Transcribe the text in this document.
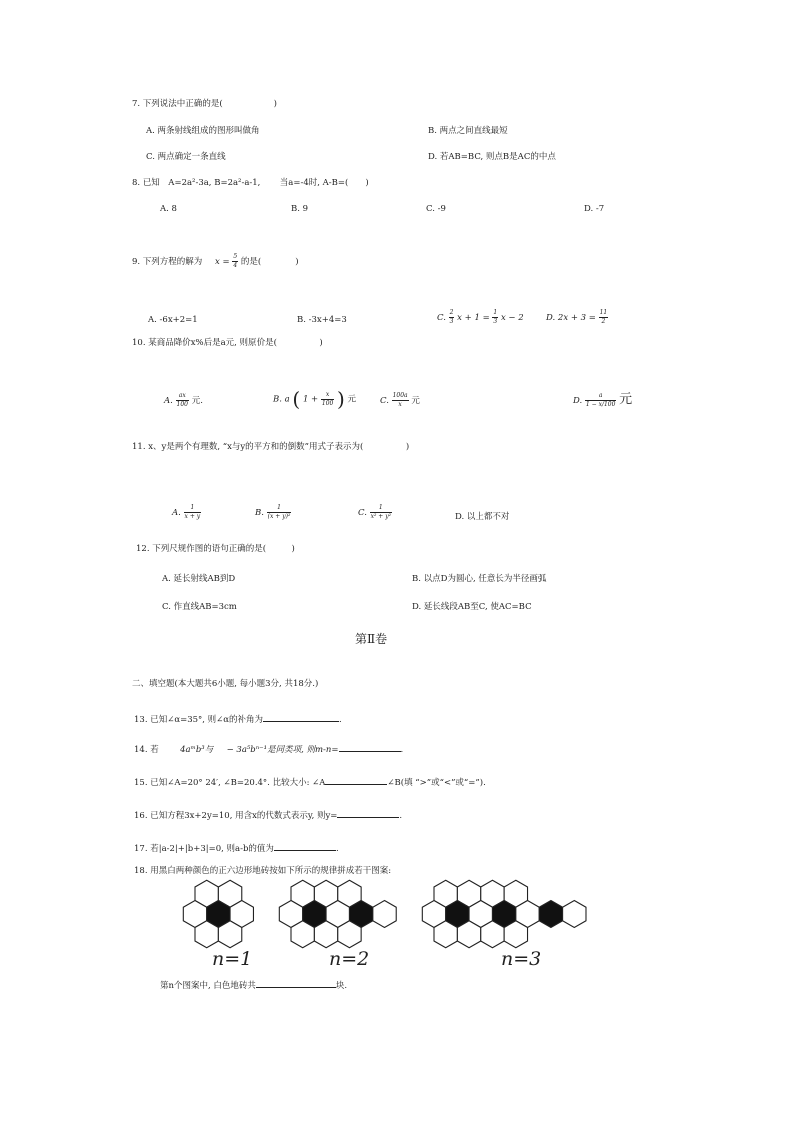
7. 下列说法中正确的是(　　　　　　)
A. 两条射线组成的图形叫做角	B. 两点之间直线最短
C. 两点确定一条直线	D. 若AB=BC, 则点B是AC的中点
8. 已知　A=2a²-3a, B=2a²-a-1, 当a=-4时, A-B=(　　)
A. 8	B. 9	C. -9	D. -7
9. 下列方程的解为 $x = \frac{5}{4}$ 的是(　　　　)
A. -6x+2=1	B. -3x+4=3	C. $\frac{2}{3}$ $x + 1 = \frac{1}{3}$ x − 2	D. $2x + 3 = \frac{11}{2}$
10. 某商品降价x%后是a元, 则原价是(　　　　　)
A. $\frac{ax}{100}$ 元.	B. a ( $1 + \frac{x}{100}$ ) 元	C. $\frac{100a}{x}$ 元	D. $\frac{a}{1 - x/100}$ 元
11. x、y是两个有理数, “x与y的平方和的倒数”用式子表示为(　　　　　)
A. $\frac{1}{x + y}$	B. $\frac{1}{\text{(x + y)²}}$	C. $\frac{1}{\text{x² + y²}}$	D. 以上都不对
12. 下列尺规作图的语句正确的是(　　　)
A. 延长射线AB到D	B. 以点D为圆心, 任意长为半径画弧
C. 作直线AB=3cm	D. 延长线段AB至C, 使AC=BC
第Ⅱ卷
二、填空题(本大题共6小题, 每小题3分, 共18分.)
13. 已知∠α=35°, 则∠α的补角为	.
14. 若	4aᵐb³与 − 3a⁵bⁿ⁻¹是同类项, 则m-n=	.
15. 已知∠A=20° 24′, ∠B=20.4°. 比较大小: ∠A	∠B(填 “>”或“<”或“=”).
16. 已知方程3x+2y=10, 用含x的代数式表示y, 则y=	.
17. 若|a-2|+|b+3|=0, 则a-b的值为	.
18. 用黑白两种颜色的正六边形地砖按如下所示的规律拼成若干图案:
n=1	n=2	n=3
第n个图案中, 白色地砖共	块.
